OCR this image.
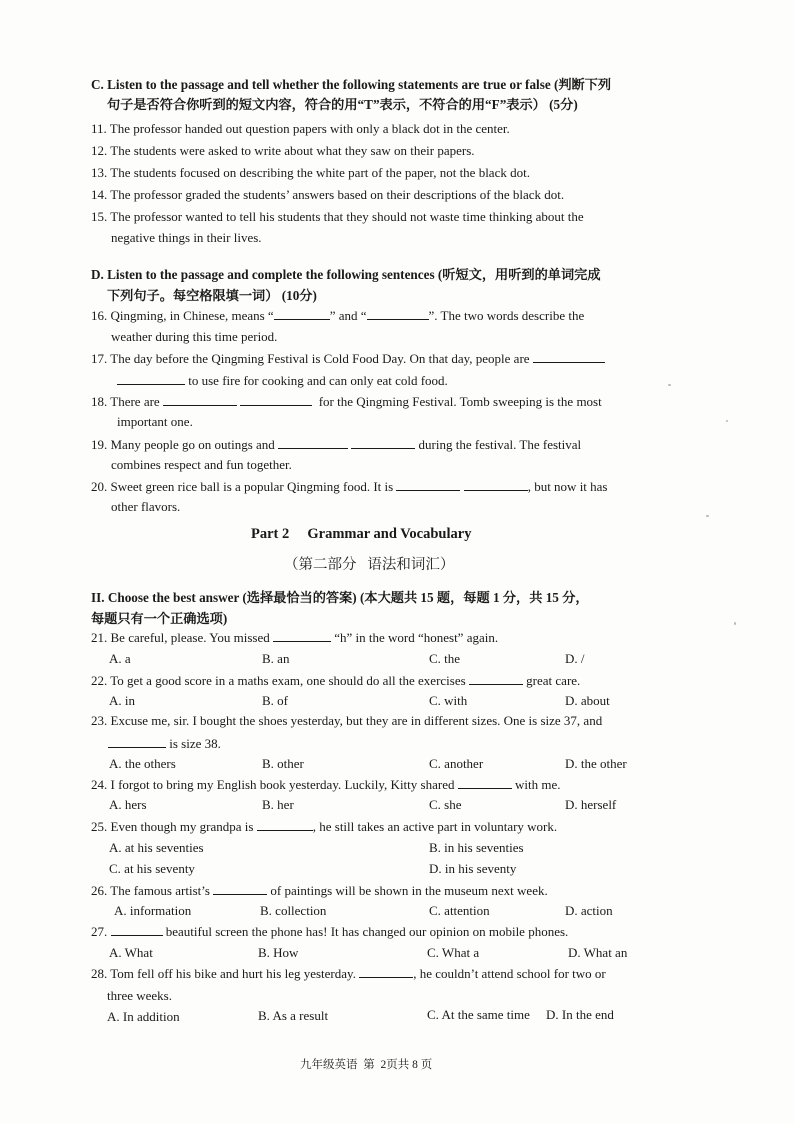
C. Listen to the passage and tell whether the following statements are true or false (判断下列
句子是否符合你听到的短文内容，符合的用“T”表示，不符合的用“F”表示） (5分)
11. The professor handed out question papers with only a black dot in the center.
12. The students were asked to write about what they saw on their papers.
13. The students focused on describing the white part of the paper, not the black dot.
14. The professor graded the students’ answers based on their descriptions of the black dot.
15. The professor wanted to tell his students that they should not waste time thinking about the
negative things in their lives.
D. Listen to the passage and complete the following sentences (听短文，用听到的单词完成
下列句子。每空格限填一词） (10分)
16. Qingming, in Chinese, means “	” and “	”. The two words describe the
weather during this time period.
17. The day before the Qingming Festival is Cold Food Day. On that day, people are
to use fire for cooking and can only eat cold food.
18. There are	for the Qingming Festival. Tomb sweeping is the most
important one.
19. Many people go on outings and	during the festival. The festival
combines respect and fun together.
20. Sweet green rice ball is a popular Qingming food. It is	, but now it has
other flavors.
Part 2     Grammar and Vocabulary
（第二部分   语法和词汇）
II. Choose the best answer (选择最恰当的答案) (本大题共 15 题，每题 1 分，共 15 分，
每题只有一个正确选项)
21. Be careful, please. You missed	“h” in the word “honest” again.
A. a	B. an	C. the	D. /
22. To get a good score in a maths exam, one should do all the exercises	great care.
A. in	B. of	C. with	D. about
23. Excuse me, sir. I bought the shoes yesterday, but they are in different sizes. One is size 37, and
is size 38.
A. the others	B. other	C. another	D. the other
24. I forgot to bring my English book yesterday. Luckily, Kitty shared	with me.
A. hers	B. her	C. she	D. herself
25. Even though my grandpa is	, he still takes an active part in voluntary work.
A. at his seventies	B. in his seventies
C. at his seventy	D. in his seventy
26. The famous artist’s	of paintings will be shown in the museum next week.
A. information	B. collection	C. attention	D. action
27.	beautiful screen the phone has! It has changed our opinion on mobile phones.
A. What	B. How	C. What a	D. What an
28. Tom fell off his bike and hurt his leg yesterday.	, he couldn’t attend school for two or
three weeks.
A. In addition	B. As a result	C. At the same time D. In the end
九年级英语  第  2页共 8 页
